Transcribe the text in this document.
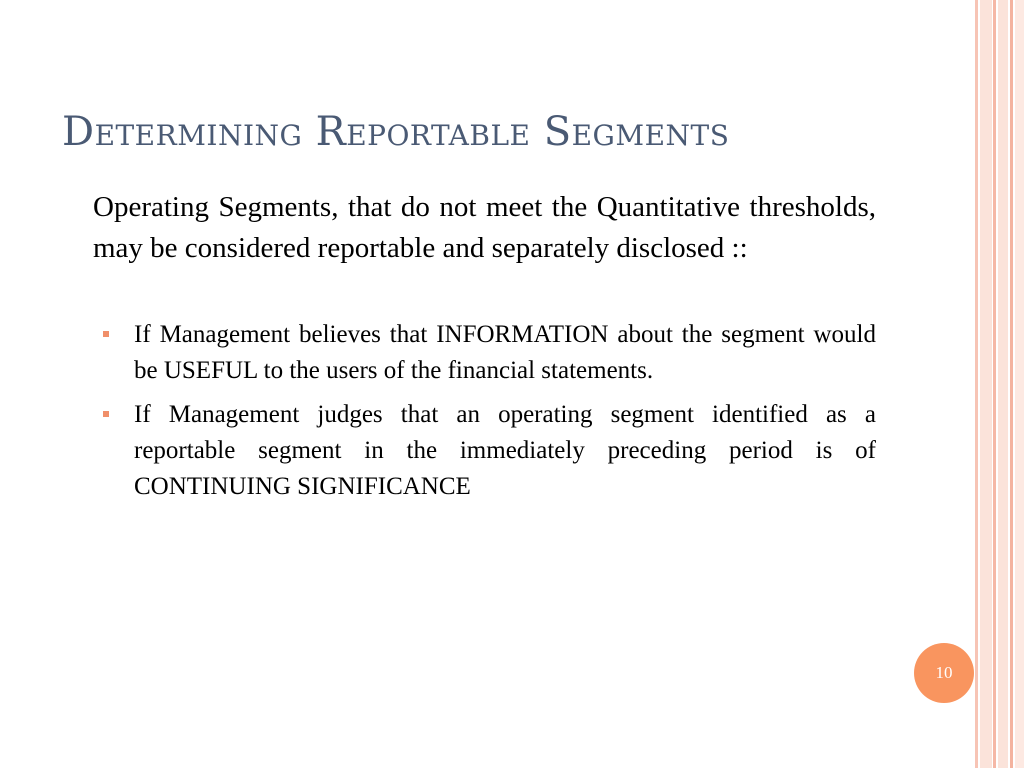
Determining Reportable Segments

Operating Segments, that do not meet the Quantitative thresholds, may be considered reportable and separately disclosed ::

If Management believes that INFORMATION about the segment would be USEFUL to the users of the financial statements.
If Management judges that an operating segment identified as a reportable segment in the immediately preceding period is of CONTINUING SIGNIFICANCE
10
